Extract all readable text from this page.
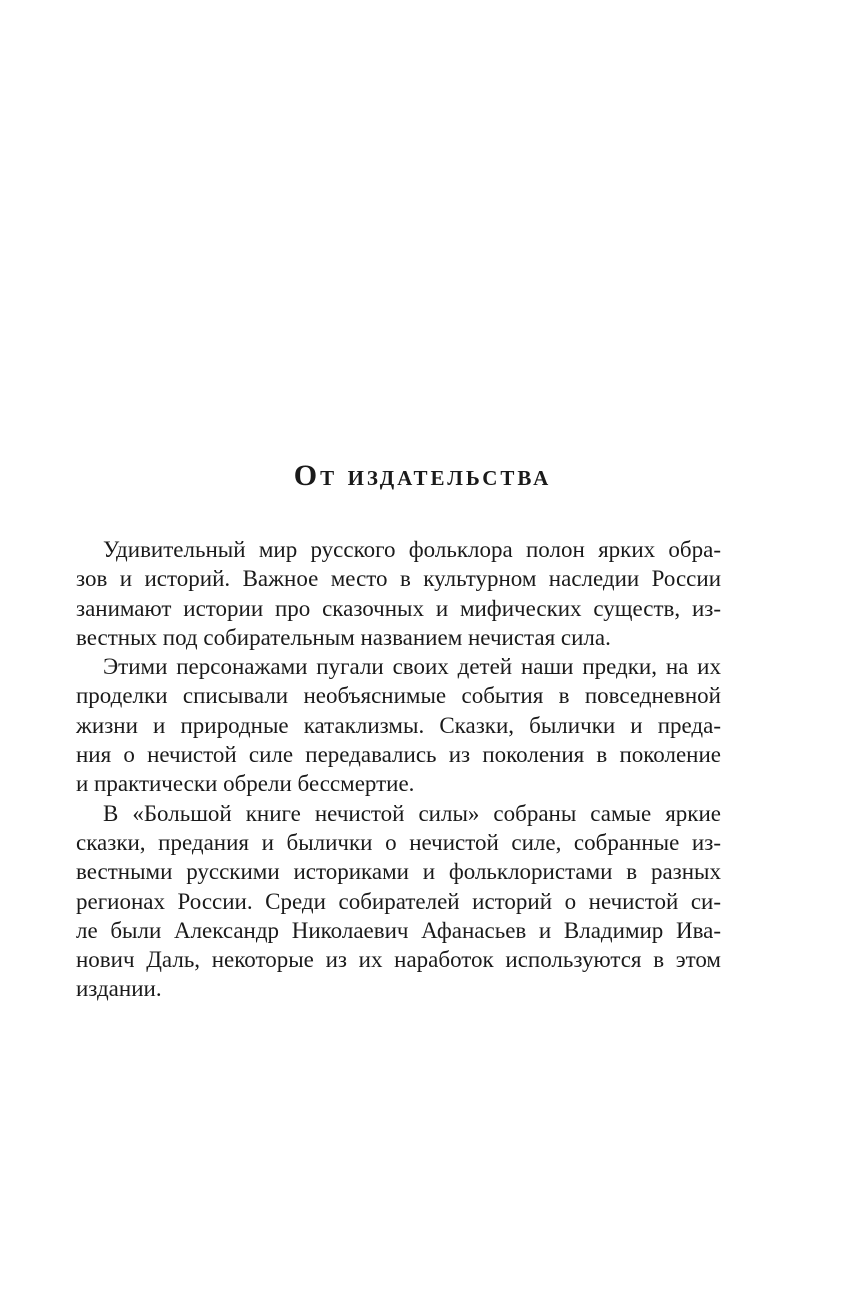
От издательства
Удивительный мир русского фольклора полон ярких обра-
зов и историй. Важное место в культурном наследии России
занимают истории про сказочных и мифических существ, из-
вестных под собирательным названием нечистая сила.
Этими персонажами пугали своих детей наши предки, на их
проделки списывали необъяснимые события в повседневной
жизни и природные катаклизмы. Сказки, былички и преда-
ния о нечистой силе передавались из поколения в поколение
и практически обрели бессмертие.
В «Большой книге нечистой силы» собраны самые яркие
сказки, предания и былички о нечистой силе, собранные из-
вестными русскими историками и фольклористами в разных
регионах России. Среди собирателей историй о нечистой си-
ле были Александр Николаевич Афанасьев и Владимир Ива-
нович Даль, некоторые из их наработок используются в этом
издании.
